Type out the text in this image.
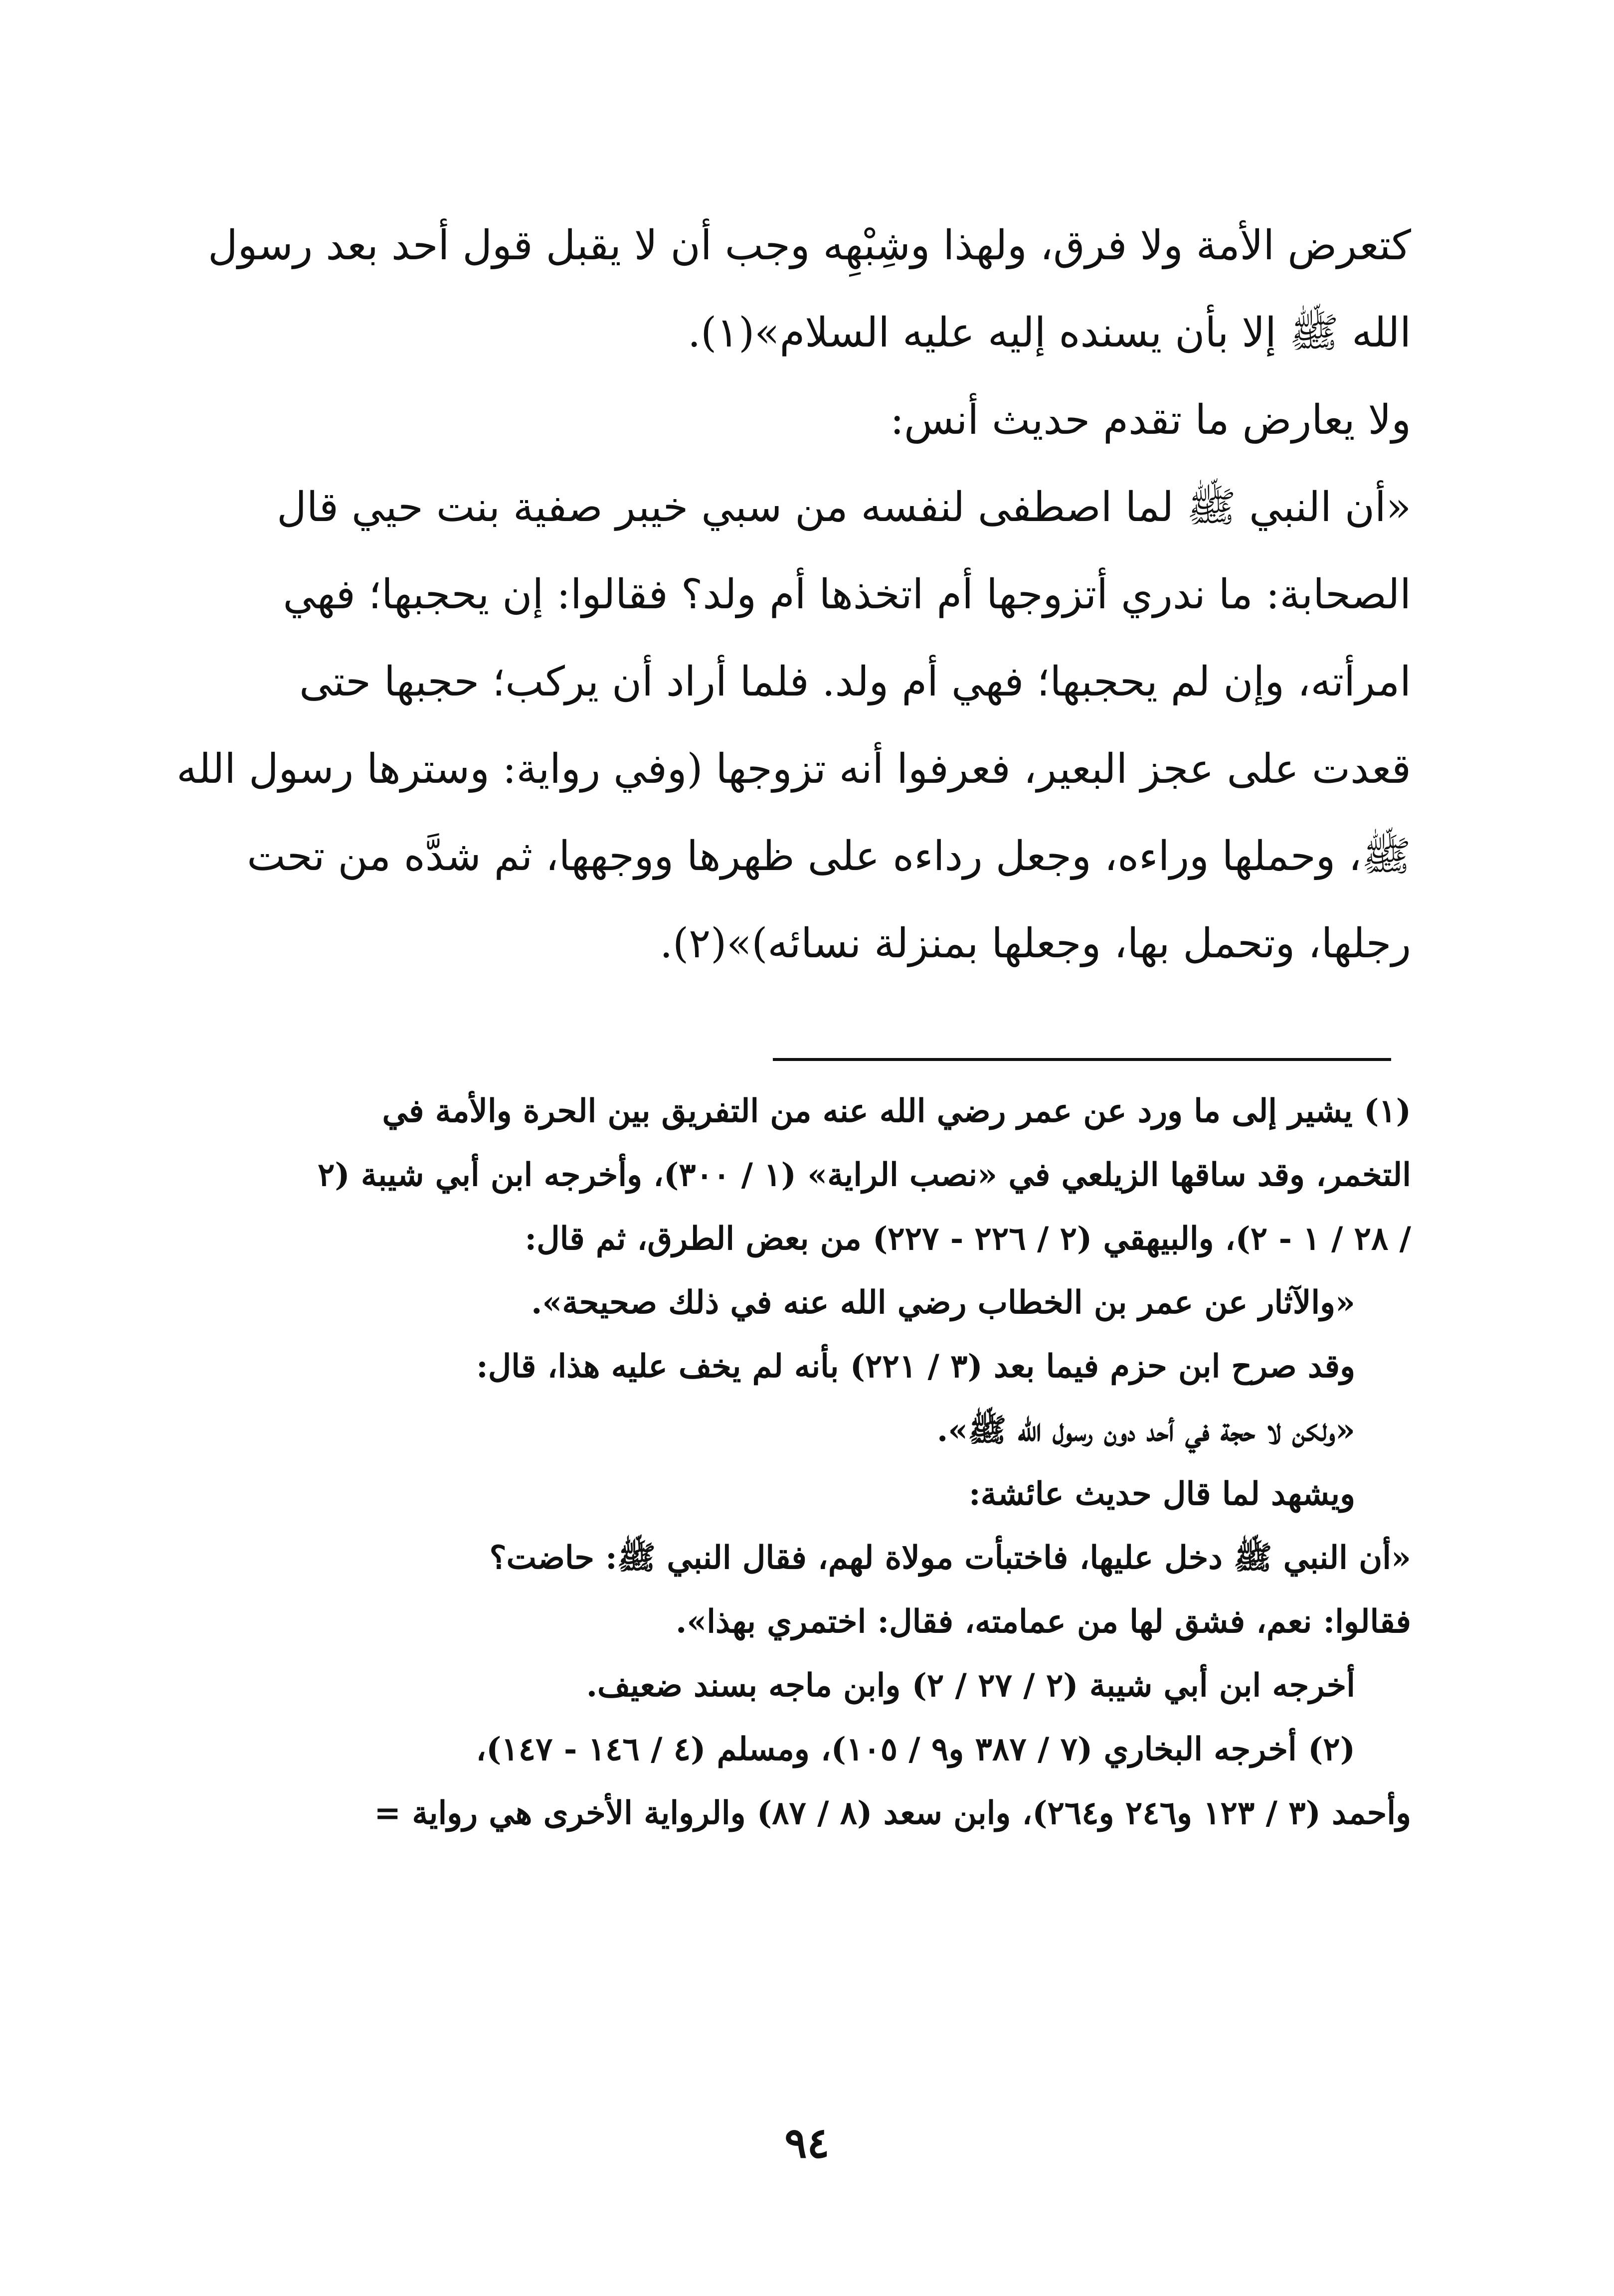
كتعرض الأمة ولا فرق، ولهذا وشِبْهِه وجب أن لا يقبل قول أحد بعد رسول
الله ﷺ إلا بأن يسنده إليه عليه السلام»(١).

ولا يعارض ما تقدم حديث أنس:

«أن النبي ﷺ لما اصطفى لنفسه من سبي خيبر صفية بنت حيي قال
الصحابة: ما ندري أتزوجها أم اتخذها أم ولد؟ فقالوا: إن يحجبها؛ فهي
امرأته، وإن لم يحجبها؛ فهي أم ولد. فلما أراد أن يركب؛ حجبها حتى
قعدت على عجز البعير، فعرفوا أنه تزوجها (وفي رواية: وسترها رسول الله
ﷺ، وحملها وراءه، وجعل رداءه على ظهرها ووجهها، ثم شدَّه من تحت
رجلها، وتحمل بها، وجعلها بمنزلة نسائه)»(٢).

(١) يشير إلى ما ورد عن عمر رضي الله عنه من التفريق بين الحرة والأمة في
التخمر، وقد ساقها الزيلعي في «نصب الراية» (١ / ٣٠٠)، وأخرجه ابن أبي شيبة (٢
/ ٢٨ / ١ - ٢)، والبيهقي (٢ / ٢٢٦ - ٢٢٧) من بعض الطرق، ثم قال:
«والآثار عن عمر بن الخطاب رضي الله عنه في ذلك صحيحة».
وقد صرح ابن حزم فيما بعد (٣ / ٢٢١) بأنه لم يخف عليه هذا، قال:
«ولكن لا حجة في أحد دون رسول الله ﷺ».
ويشهد لما قال حديث عائشة:
«أن النبي ﷺ دخل عليها، فاختبأت مولاة لهم، فقال النبي ﷺ: حاضت؟
فقالوا: نعم، فشق لها من عمامته، فقال: اختمري بهذا».
أخرجه ابن أبي شيبة (٢ / ٢٧ / ٢) وابن ماجه بسند ضعيف.

(٢) أخرجه البخاري (٧ / ٣٨٧ و٩ / ١٠٥)، ومسلم (٤ / ١٤٦ - ١٤٧)،
وأحمد (٣ / ١٢٣ و٢٤٦ و٢٦٤)، وابن سعد (٨ / ٨٧) والرواية الأخرى هي رواية =

٩٤
